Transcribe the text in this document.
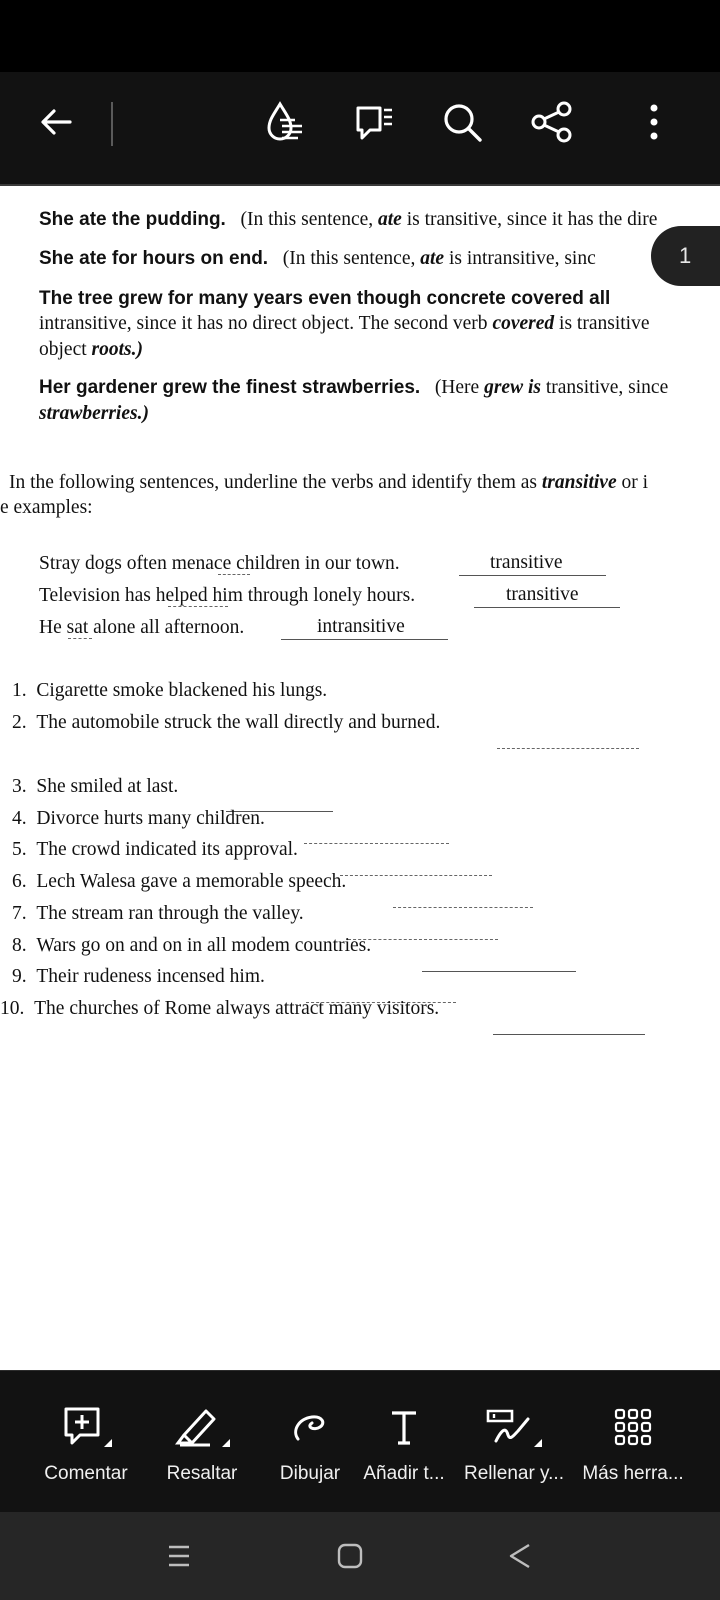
She ate the pudding. (In this sentence, ate is transitive, since it has the dire
She ate for hours on end. (In this sentence, ate is intransitive, sinc
The tree grew for many years even though concrete covered all
intransitive, since it has no direct object. The second verb covered is transitive
object roots.)
Her gardener grew the finest strawberries. (Here grew is transitive, since
strawberries.)
In the following sentences, underline the verbs and identify them as transitive or i
e examples:
Stray dogs often menace children in our town.	transitive
Television has helped him through lonely hours.	transitive
He sat alone all afternoon.	intransitive
1. Cigarette smoke blackened his lungs.
2. The automobile struck the wall directly and burned.
3. She smiled at last.
4. Divorce hurts many children.
5. The crowd indicated its approval.
6. Lech Walesa gave a memorable speech.
7. The stream ran through the valley.
8. Wars go on and on in all modem countries.
9. Their rudeness incensed him.
10. The churches of Rome always attract many visitors.
1
Comentar Resaltar Dibujar Añadir t... Rellenar y... Más herra...
